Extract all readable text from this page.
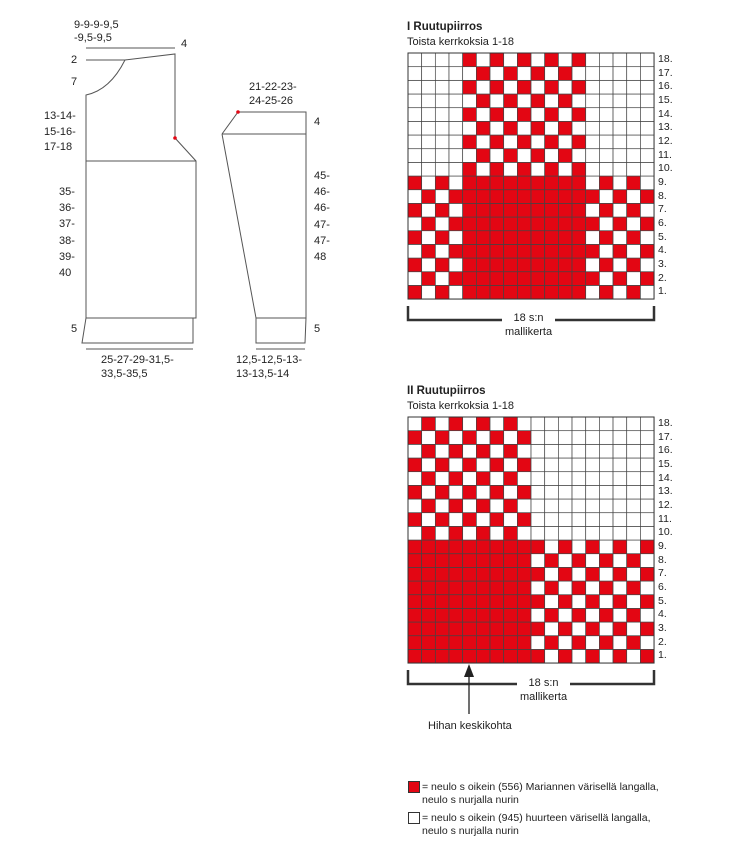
9-9-9-9,5
-9,5-9,5
2
7
4
13-14-
15-16-
17-18
35-
36-
37-
38-
39-
40
5
25-27-29-31,5-
33,5-35,5
21-22-23-
24-25-26
4
45-
46-
46-
47-
47-
48
5
12,5-12,5-13-
13-13,5-14
I Ruutupiirros
Toista kerrkoksia 1-18
1.
2.
3.
4.
5.
6.
7.
8.
9.
10.
11.
12.
13.
14.
15.
16.
17.
18.
18 s:n
mallikerta
II Ruutupiirros
Toista kerrkoksia 1-18
1.
2.
3.
4.
5.
6.
7.
8.
9.
10.
11.
12.
13.
14.
15.
16.
17.
18.
18 s:n
mallikerta
Hihan keskikohta
= neulo s oikein (556) Mariannen värisellä langalla,
neulo s nurjalla nurin
= neulo s oikein (945) huurteen värisellä langalla,
neulo s nurjalla nurin
